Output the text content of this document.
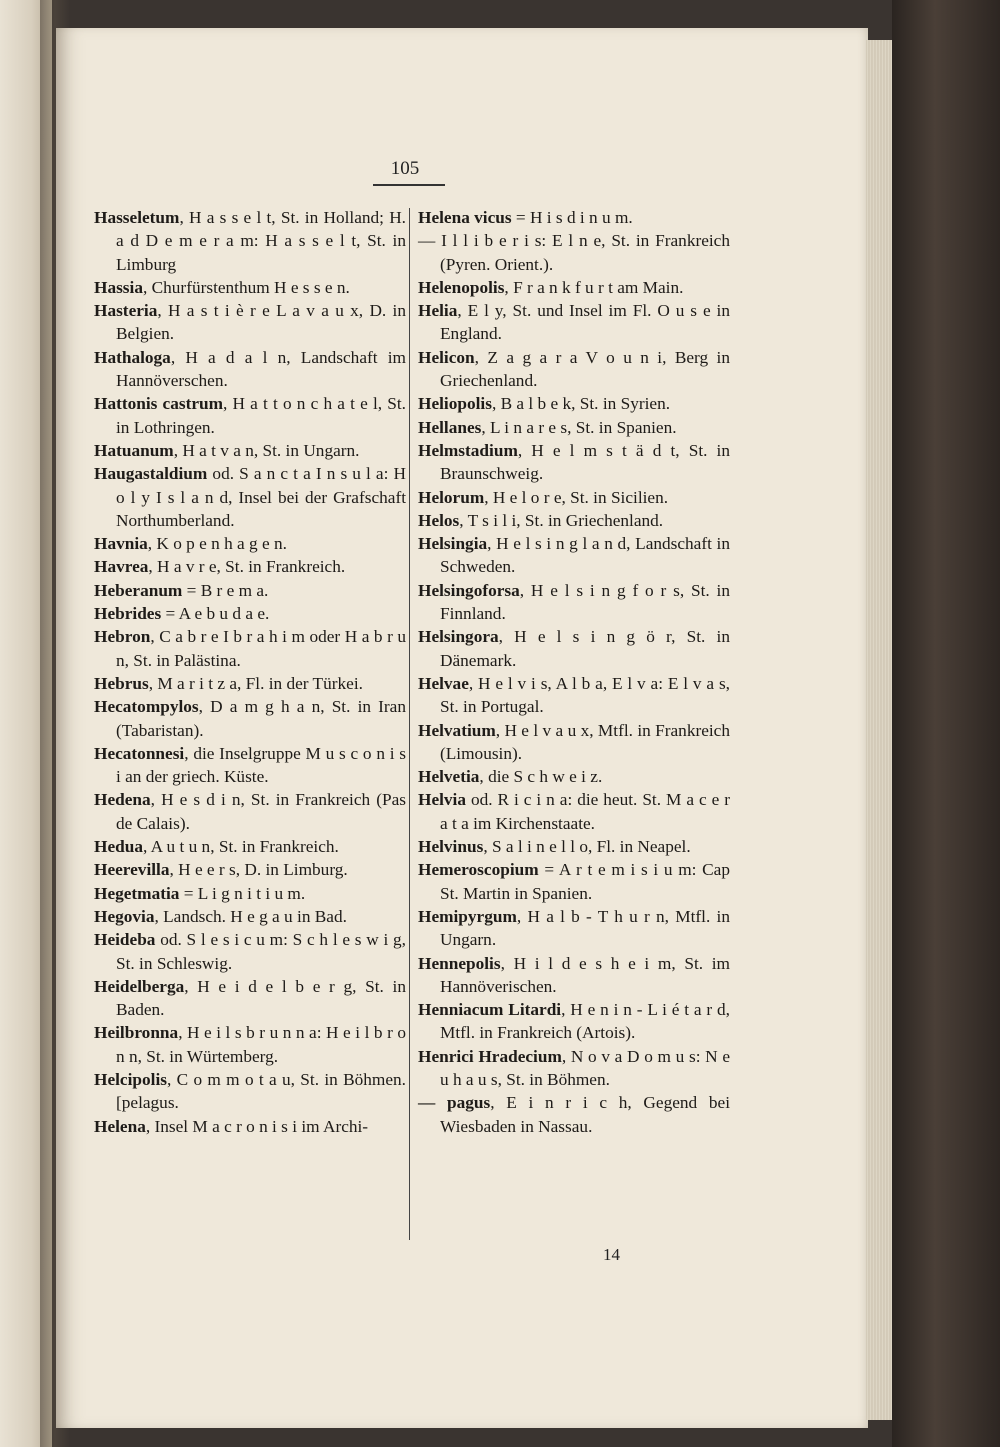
105
Hasseletum, H a s s e l t, St. in Holland; H. a d D e m e r a m: H a s s e l t, St. in Limburg
Hassia, Churfürstenthum H e s s e n.
Hasteria, H a s t i è r e L a v a u x, D. in Belgien.
Hathaloga, H a d a l n, Landschaft im Hannöverschen.
Hattonis castrum, H a t t o n c h a t e l, St. in Lothringen.
Hatuanum, H a t v a n, St. in Ungarn.
Haugastaldium od. S a n c t a I n s u l a: H o l y I s l a n d, Insel bei der Grafschaft Northumberland.
Havnia, K o p e n h a g e n.
Havrea, H a v r e, St. in Frankreich.
Heberanum = B r e m a.
Hebrides = A e b u d a e.
Hebron, C a b r e I b r a h i m oder H a b r u n, St. in Palästina.
Hebrus, M a r i t z a, Fl. in der Türkei.
Hecatompylos, D a m g h a n, St. in Iran (Tabaristan).
Hecatonnesi, die Inselgruppe M u s c o n i s i an der griech. Küste.
Hedena, H e s d i n, St. in Frankreich (Pas de Calais).
Hedua, A u t u n, St. in Frankreich.
Heerevilla, H e e r s, D. in Limburg.
Hegetmatia = L i g n i t i u m.
Hegovia, Landsch. H e g a u in Bad.
Heideba od. S l e s i c u m: S c h l e s w i g, St. in Schleswig.
Heidelberga, H e i d e l b e r g, St. in Baden.
Heilbronna, H e i l s b r u n n a: H e i l b r o n n, St. in Würtemberg.
Helcipolis, C o m m o t a u, St. in Böhmen. [pelagus.
Helena, Insel M a c r o n i s i im Archi-
Helena vicus = H i s d i n u m.
— I l l i b e r i s: E l n e, St. in Frankreich (Pyren. Orient.).
Helenopolis, F r a n k f u r t am Main.
Helia, E l y, St. und Insel im Fl. O u s e in England.
Helicon, Z a g a r a V o u n i, Berg in Griechenland.
Heliopolis, B a l b e k, St. in Syrien.
Hellanes, L i n a r e s, St. in Spanien.
Helmstadium, H e l m s t ä d t, St. in Braunschweig.
Helorum, H e l o r e, St. in Sicilien.
Helos, T s i l i, St. in Griechenland.
Helsingia, H e l s i n g l a n d, Landschaft in Schweden.
Helsingoforsa, H e l s i n g f o r s, St. in Finnland.
Helsingora, H e l s i n g ö r, St. in Dänemark.
Helvae, H e l v i s, A l b a, E l v a: E l v a s, St. in Portugal.
Helvatium, H e l v a u x, Mtfl. in Frankreich (Limousin).
Helvetia, die S c h w e i z.
Helvia od. R i c i n a: die heut. St. M a c e r a t a im Kirchenstaate.
Helvinus, S a l i n e l l o, Fl. in Neapel.
Hemeroscopium = A r t e m i s i u m: Cap St. Martin in Spanien.
Hemipyrgum, H a l b - T h u r n, Mtfl. in Ungarn.
Hennepolis, H i l d e s h e i m, St. im Hannöverischen.
Henniacum Litardi, H e n i n - L i é t a r d, Mtfl. in Frankreich (Artois).
Henrici Hradecium, N o v a D o m u s: N e u h a u s, St. in Böhmen.
— pagus, E i n r i c h, Gegend bei Wiesbaden in Nassau.
14
